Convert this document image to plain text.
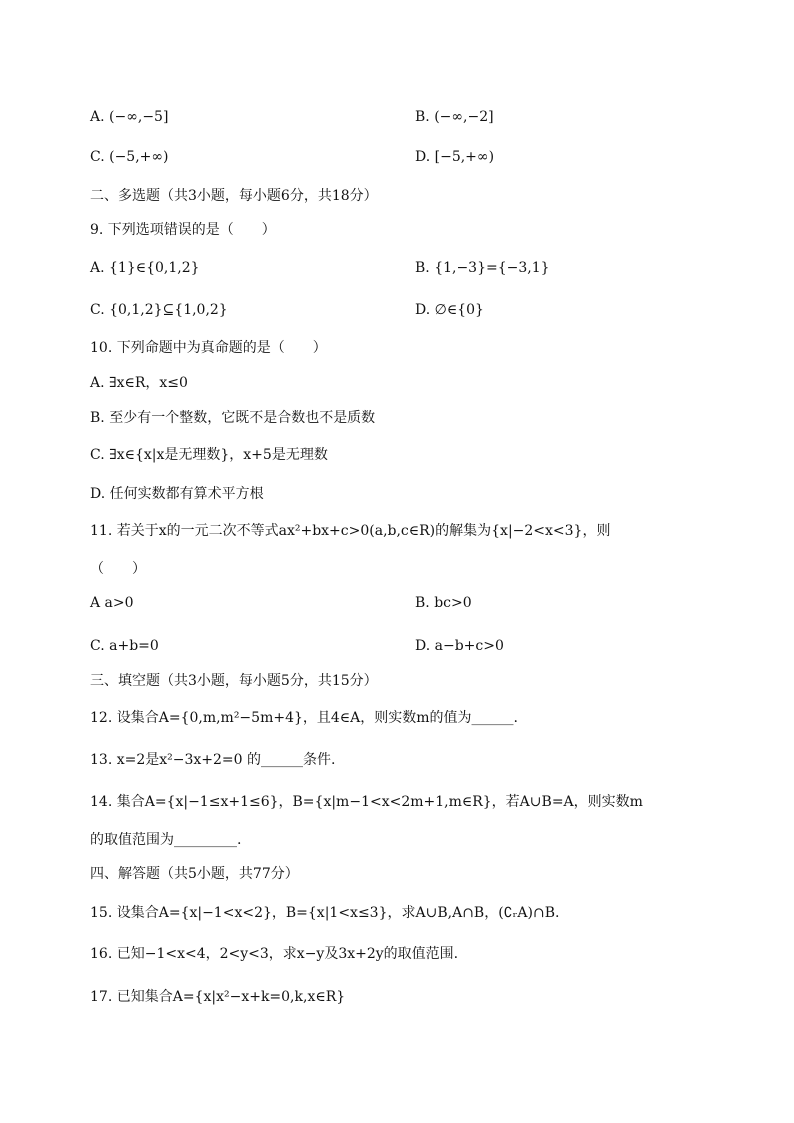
A. (−∞,−5]	B. (−∞,−2]
C. (−5,+∞)	D. [−5,+∞)
二、多选题（共3小题，每小题6分，共18分）
9. 下列选项错误的是（　　）
A. {1}∈{0,1,2}	B. {1,−3}={−3,1}
C. {0,1,2}⊆{1,0,2}	D. ∅∈{0}
10. 下列命题中为真命题的是（　　）
A. ∃x∈R，x≤0
B. 至少有一个整数，它既不是合数也不是质数
C. ∃x∈{x|x是无理数}，x+5是无理数
D. 任何实数都有算术平方根
11. 若关于x的一元二次不等式ax²+bx+c>0(a,b,c∈R)的解集为{x|−2<x<3}，则
（　　）
A a>0	B. bc>0
C. a+b=0	D. a−b+c>0
三、填空题（共3小题，每小题5分，共15分）
12. 设集合A={0,m,m²−5m+4}，且4∈A，则实数m的值为______.
13. x=2是x²−3x+2=0 的______条件.
14. 集合A={x|−1≤x+1≤6}，B={x|m−1<x<2m+1,m∈R}，若A∪B=A，则实数m
的取值范围为_________.
四、解答题（共5小题，共77分）
15. 设集合A={x|−1<x<2}，B={x|1<x≤3}，求A∪B,A∩B，(∁ᵣA)∩B.
16. 已知−1<x<4，2<y<3，求x−y及3x+2y的取值范围.
17. 已知集合A={x|x²−x+k=0,k,x∈R}
